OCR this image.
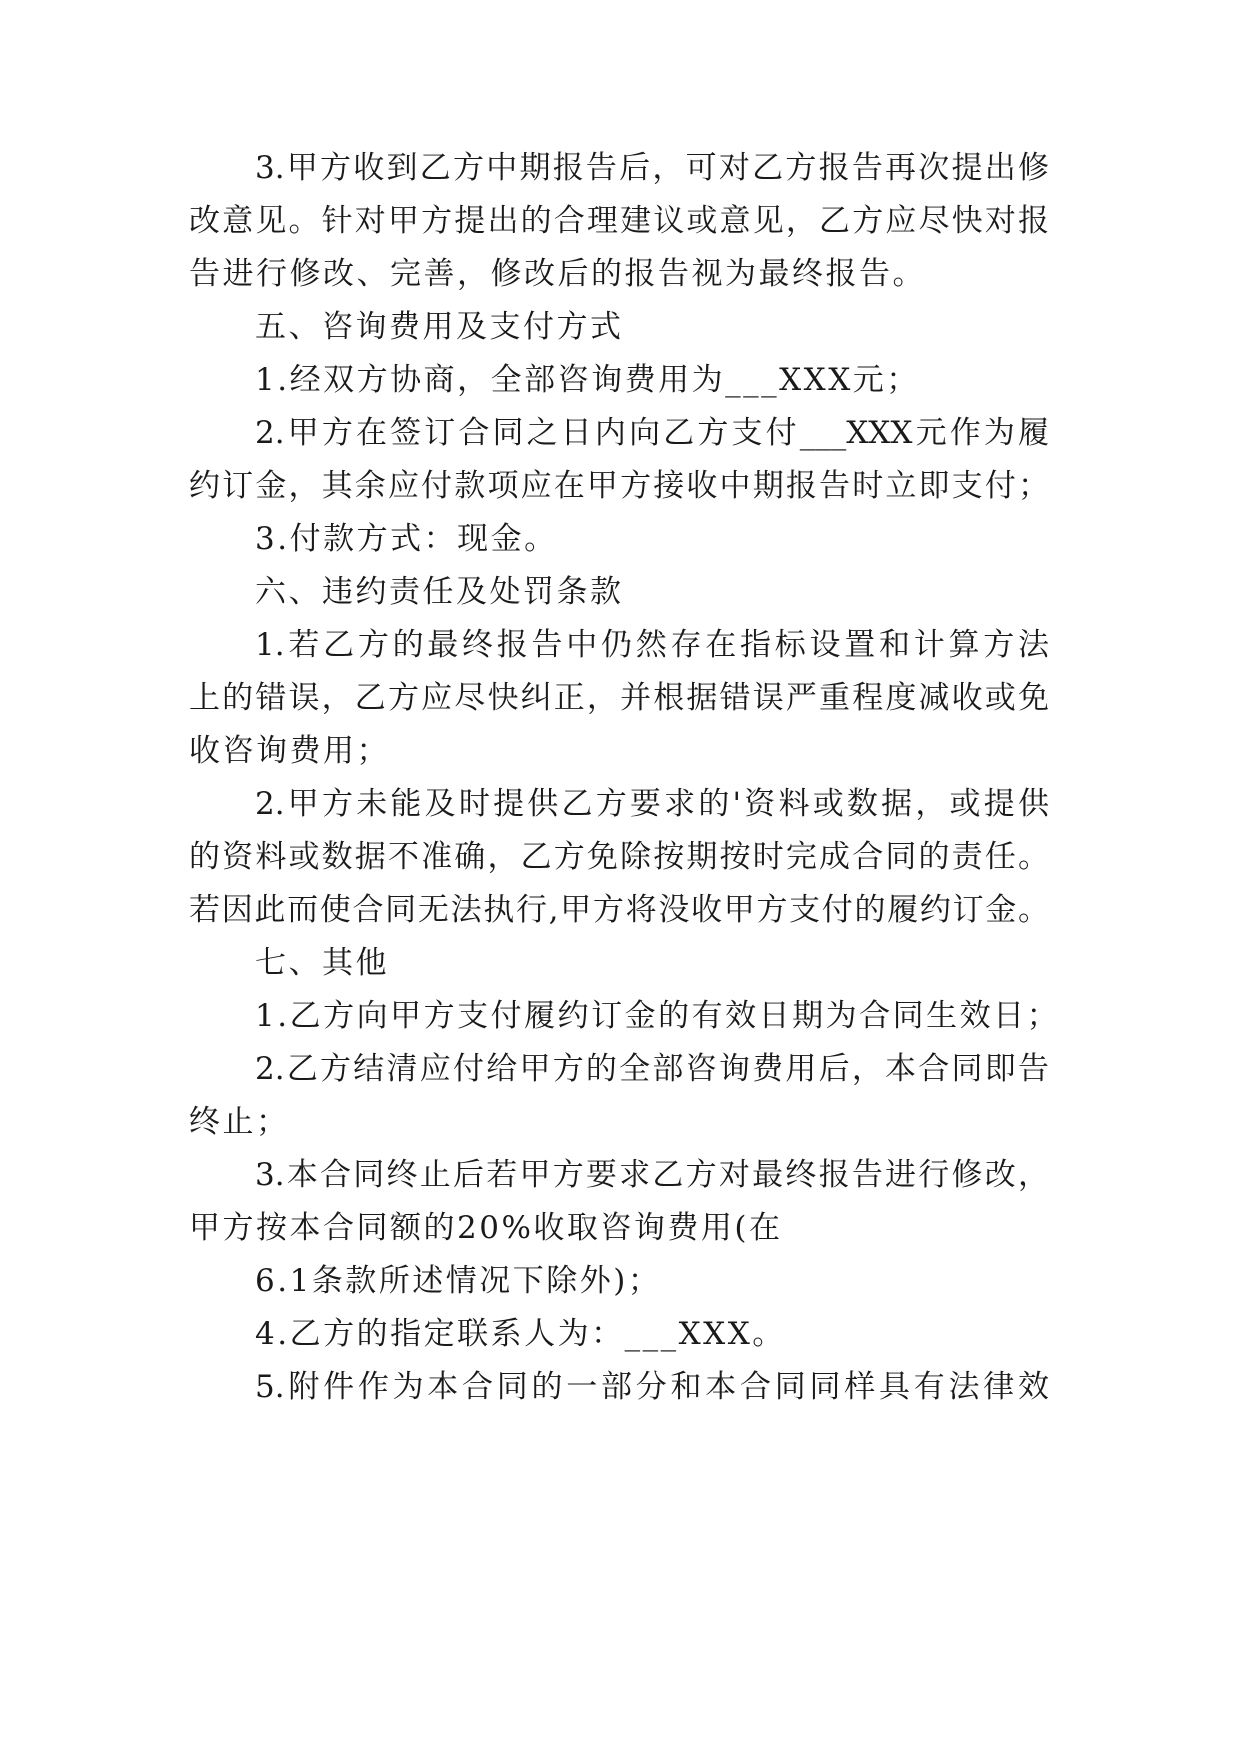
3.甲方收到乙方中期报告后，可对乙方报告再次提出修

改意见。针对甲方提出的合理建议或意见，乙方应尽快对报

告进行修改、完善，修改后的报告视为最终报告。

五、咨询费用及支付方式

1.经双方协商，全部咨询费用为___XXX元；

2.甲方在签订合同之日内向乙方支付___XXX元作为履

约订金，其余应付款项应在甲方接收中期报告时立即支付；

3.付款方式：现金。

六、违约责任及处罚条款

1.若乙方的最终报告中仍然存在指标设置和计算方法

上的错误，乙方应尽快纠正，并根据错误严重程度减收或免

收咨询费用；

2.甲方未能及时提供乙方要求的'资料或数据，或提供

的资料或数据不准确，乙方免除按期按时完成合同的责任。

若因此而使合同无法执行,甲方将没收甲方支付的履约订金。

七、其他

1.乙方向甲方支付履约订金的有效日期为合同生效日；

2.乙方结清应付给甲方的全部咨询费用后，本合同即告

终止；

3.本合同终止后若甲方要求乙方对最终报告进行修改，

甲方按本合同额的20%收取咨询费用(在

6.1条款所述情况下除外)；

4.乙方的指定联系人为：___XXX。

5.附件作为本合同的一部分和本合同同样具有法律效
